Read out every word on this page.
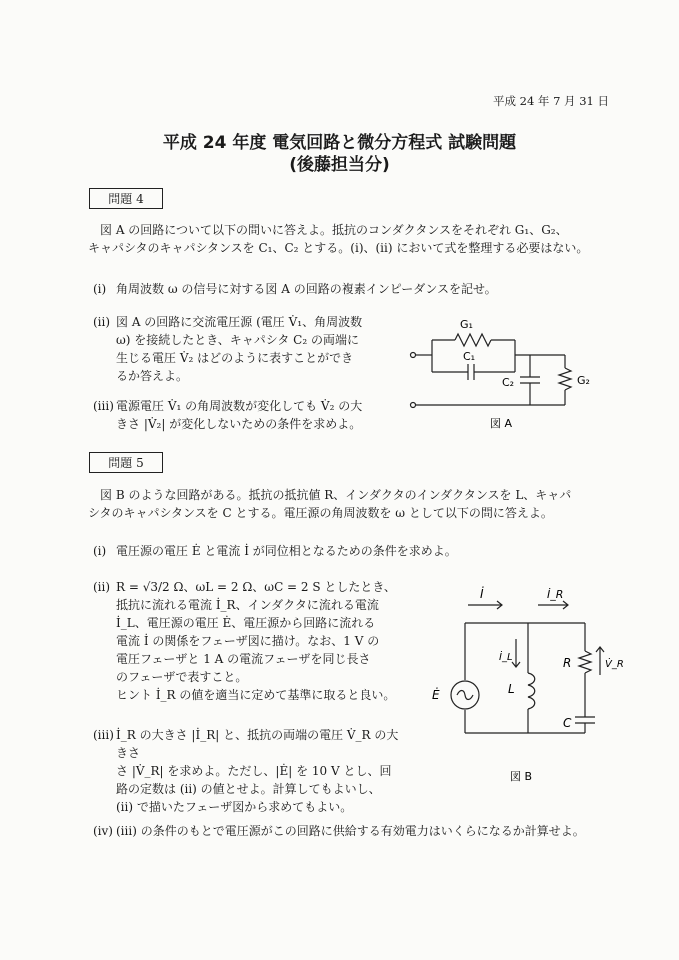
平成 24 年 7 月 31 日
平成 24 年度 電気回路と微分方程式 試験問題
(後藤担当分)
問題 4
図 A の回路について以下の問いに答えよ。抵抗のコンダクタンスをそれぞれ G₁、G₂、
キャパシタのキャパシタンスを C₁、C₂ とする。(i)、(ii) において式を整理する必要はない。
(i) 角周波数 ω の信号に対する図 A の回路の複素インピーダンスを記せ。
(ii) 図 A の回路に交流電圧源 (電圧 V̇₁、角周波数
ω) を接続したとき、キャパシタ C₂ の両端に
生じる電圧 V̇₂ はどのように表すことができ
るか答えよ。
(iii) 電源電圧 V̇₁ の角周波数が変化しても V̇₂ の大
きさ |V̇₂| が変化しないための条件を求めよ。
G₁
C₁
C₂	G₂
図 A
問題 5
図 B のような回路がある。抵抗の抵抗値 R、インダクタのインダクタンスを L、キャパ
シタのキャパシタンスを C とする。電圧源の角周波数を ω として以下の問に答えよ。
(i) 電圧源の電圧 Ė と電流 İ が同位相となるための条件を求めよ。
(ii) R = √3/2 Ω、ωL = 2 Ω、ωC = 2 S としたとき、
抵抗に流れる電流 İ_R、インダクタに流れる電流
İ_L、電圧源の電圧 Ė、電圧源から回路に流れる
電流 İ の関係をフェーザ図に描け。なお、1 V の
電圧フェーザと 1 A の電流フェーザを同じ長さ
のフェーザで表すこと。
ヒント İ_R の値を適当に定めて基準に取ると良い。
(iii) İ_R の大きさ |İ_R| と、抵抗の両端の電圧 V̇_R の大きさ
さ |V̇_R| を求めよ。ただし、|Ė| を 10 V とし、回
路の定数は (ii) の値とせよ。計算してもよいし、
(ii) で描いたフェーザ図から求めてもよい。
(iv) (iii) の条件のもとで電圧源がこの回路に供給する有効電力はいくらになるか計算せよ。
İ	İ_R
İ_L	R	V̇_R
Ė	L
C
図 B
